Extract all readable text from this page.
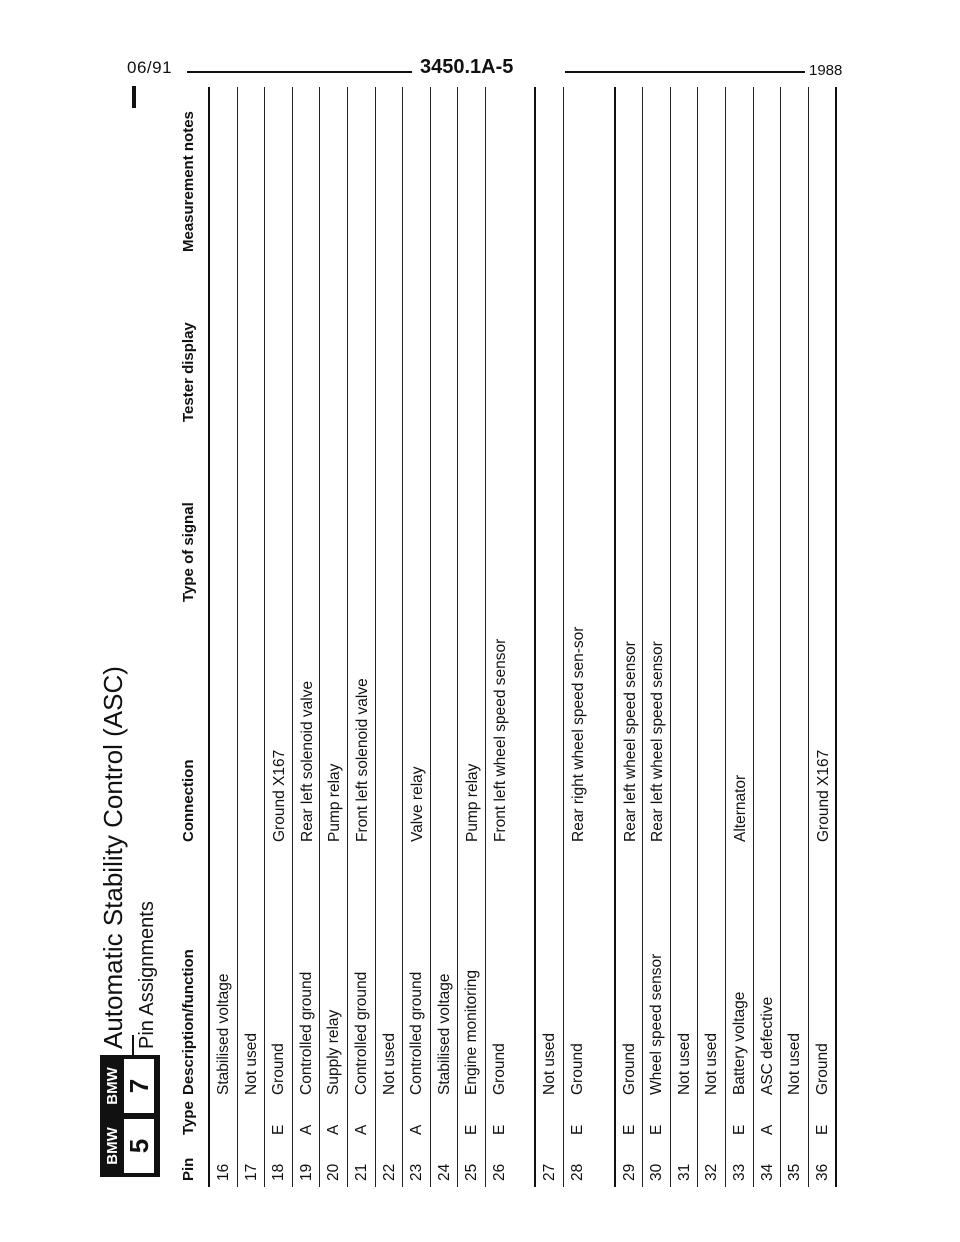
06/91	3450.1A-5	1988
BMW 5
BMW 7
Automatic Stability Control (ASC) Pin Assignments
Pin
Type
Description/function
Connection
Type of signal
Tester display
Measurement notes
16
Stabilised voltage
17
Not used
18
E
Ground
Ground X167
19
A
Controlled ground
Rear left solenoid valve
20
A
Supply relay
Pump relay
21
A
Controlled ground
Front left solenoid valve
22
Not used
23
A
Controlled ground
Valve relay
24
Stabilised voltage
25
E
Engine monitoring
Pump relay
26
E
Ground
Front left wheel speed sensor
27
Not used
28
E
Ground
Rear right wheel speed sen-sor
29
E
Ground
Rear left wheel speed sensor
30
E
Wheel speed sensor
Rear left wheel speed sensor
31
Not used
32
Not used
33
E
Battery voltage
Alternator
34
A
ASC defective
35
Not used
36
E
Ground
Ground X167
